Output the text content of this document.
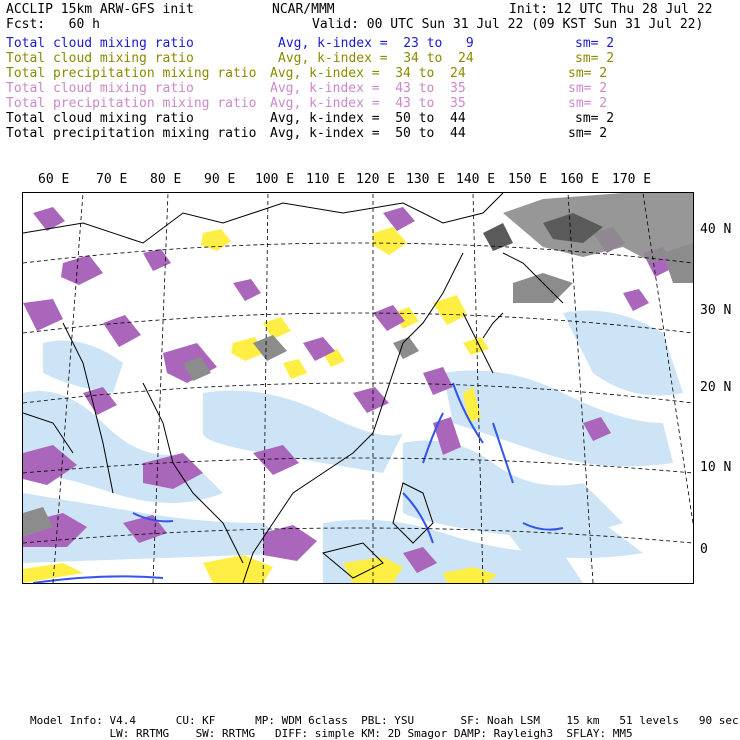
ACCLIP 15km ARW-GFS init	NCAR/MMM	Init: 12 UTC Thu 28 Jul 22
Fcst:   60 h	Valid: 00 UTC Sun 31 Jul 22 (09 KST Sun 31 Jul 22)
Total cloud mixing ratio	Avg, k-index =  23 to   9	sm= 2
Total cloud mixing ratio	Avg, k-index =  34 to  24	sm= 2
Total precipitation mixing ratio Avg, k-index =  34 to  24	sm= 2
Total cloud mixing ratio	Avg, k-index =  43 to  35	sm= 2
Total precipitation mixing ratio Avg, k-index =  43 to  35	sm= 2
Total cloud mixing ratio	Avg, k-index =  50 to  44	sm= 2
Total precipitation mixing ratio Avg, k-index =  50 to  44	sm= 2
60 E 70 E 80 E 90 E 100 E 110 E 120 E 130 E 140 E 150 E 160 E 170 E
40 N
30 N
20 N
10 N
0
Model Info: V4.4      CU: KF      MP: WDM 6class  PBL: YSU       SF: Noah LSM    15 km   51 levels   90 sec
LW: RRTMG    SW: RRTMG   DIFF: simple KM: 2D Smagor DAMP: Rayleigh3  SFLAY: MM5
